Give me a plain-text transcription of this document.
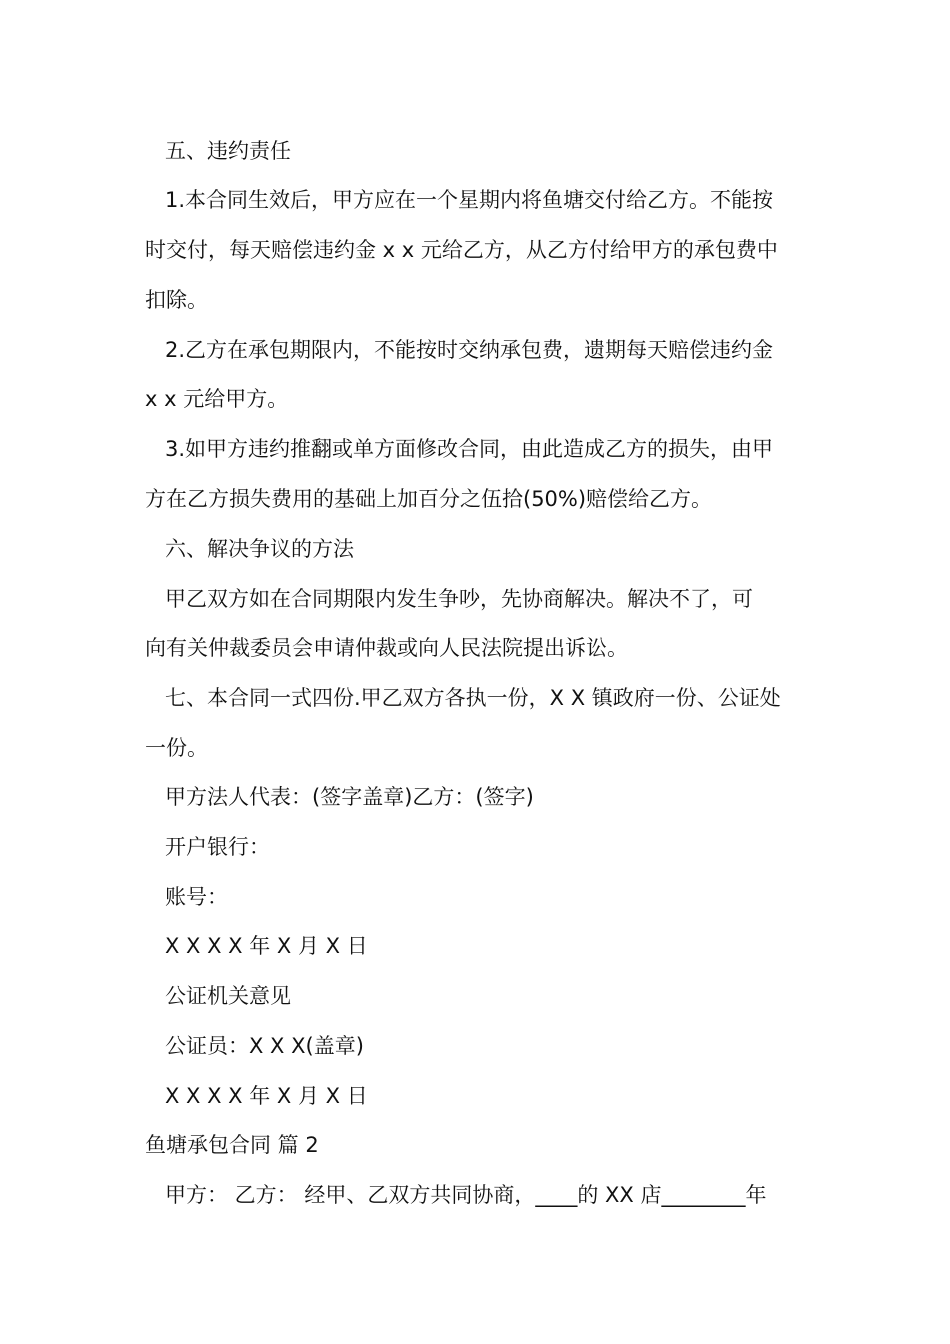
五、违约责任
1.本合同生效后，甲方应在一个星期内将鱼塘交付给乙方。不能按
时交付，每天赔偿违约金 x x 元给乙方，从乙方付给甲方的承包费中
扣除。
2.乙方在承包期限内，不能按时交纳承包费，遗期每天赔偿违约金
x x 元给甲方。
3.如甲方违约推翻或单方面修改合同，由此造成乙方的损失，由甲
方在乙方损失费用的基础上加百分之伍拾(50%)赔偿给乙方。
六、解决争议的方法
甲乙双方如在合同期限内发生争吵，先协商解决。解决不了，可
向有关仲裁委员会申请仲裁或向人民法院提出诉讼。
七、本合同一式四份.甲乙双方各执一份，X X 镇政府一份、公证处
一份。
甲方法人代表：(签字盖章)乙方：(签字)
开户银行：
账号：
X X X X 年 X 月 X 日
公证机关意见
公证员：X X X(盖章)
X X X X 年 X 月 X 日
鱼塘承包合同 篇 2
甲方： 乙方： 经甲、乙双方共同协商，____的 XX 店________年
